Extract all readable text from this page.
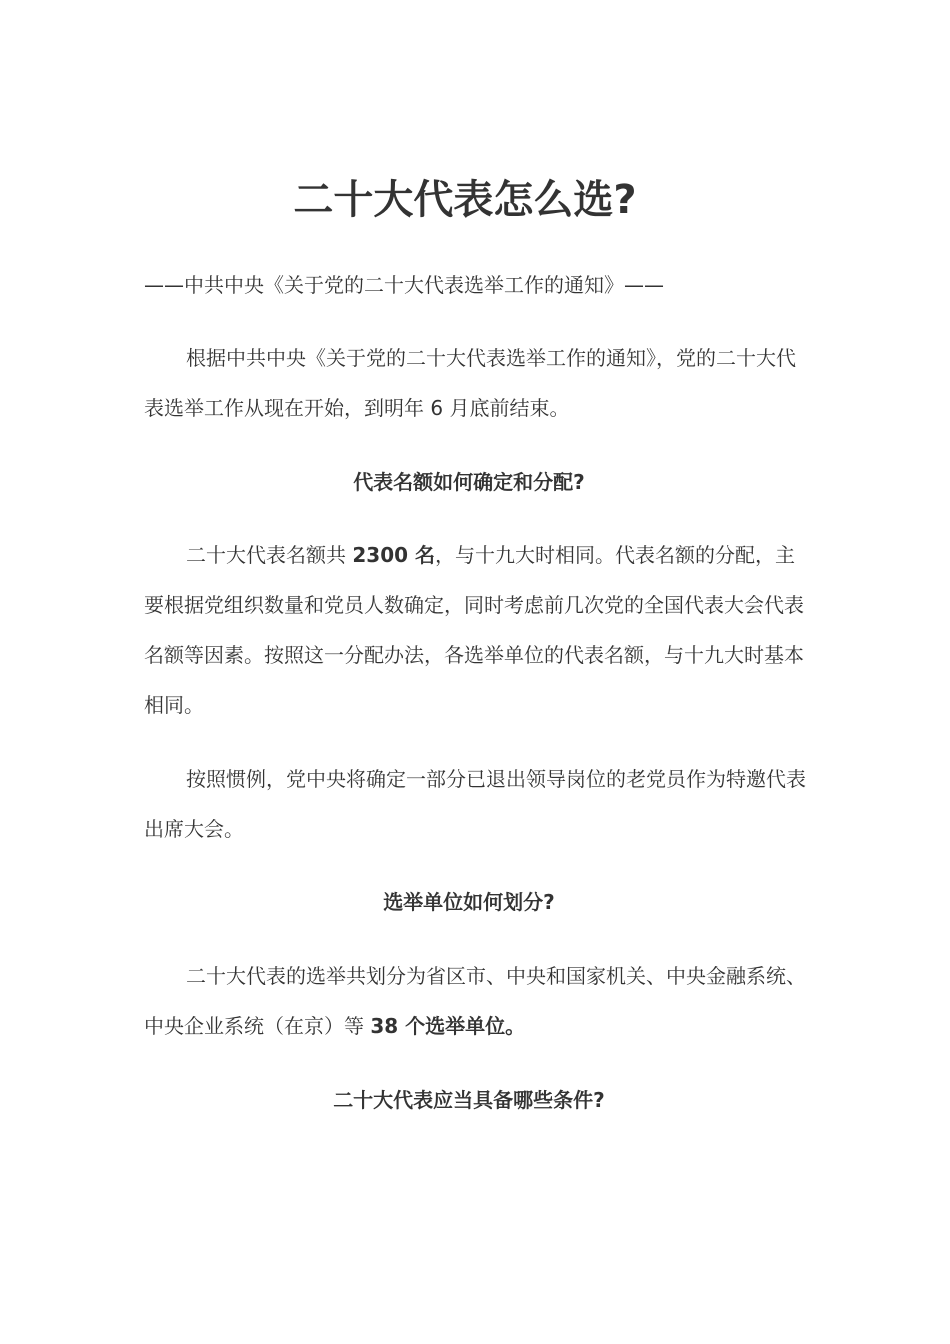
二十大代表怎么选?

——中共中央《关于党的二十大代表选举工作的通知》——

根据中共中央《关于党的二十大代表选举工作的通知》，党的二十大代表选举工作从现在开始，到明年 6 月底前结束。

代表名额如何确定和分配?

二十大代表名额共 2300 名，与十九大时相同。代表名额的分配，主要根据党组织数量和党员人数确定，同时考虑前几次党的全国代表大会代表名额等因素。按照这一分配办法，各选举单位的代表名额，与十九大时基本相同。

按照惯例，党中央将确定一部分已退出领导岗位的老党员作为特邀代表出席大会。

选举单位如何划分?

二十大代表的选举共划分为省区市、中央和国家机关、中央金融系统、中央企业系统（在京）等 38 个选举单位。

二十大代表应当具备哪些条件?
